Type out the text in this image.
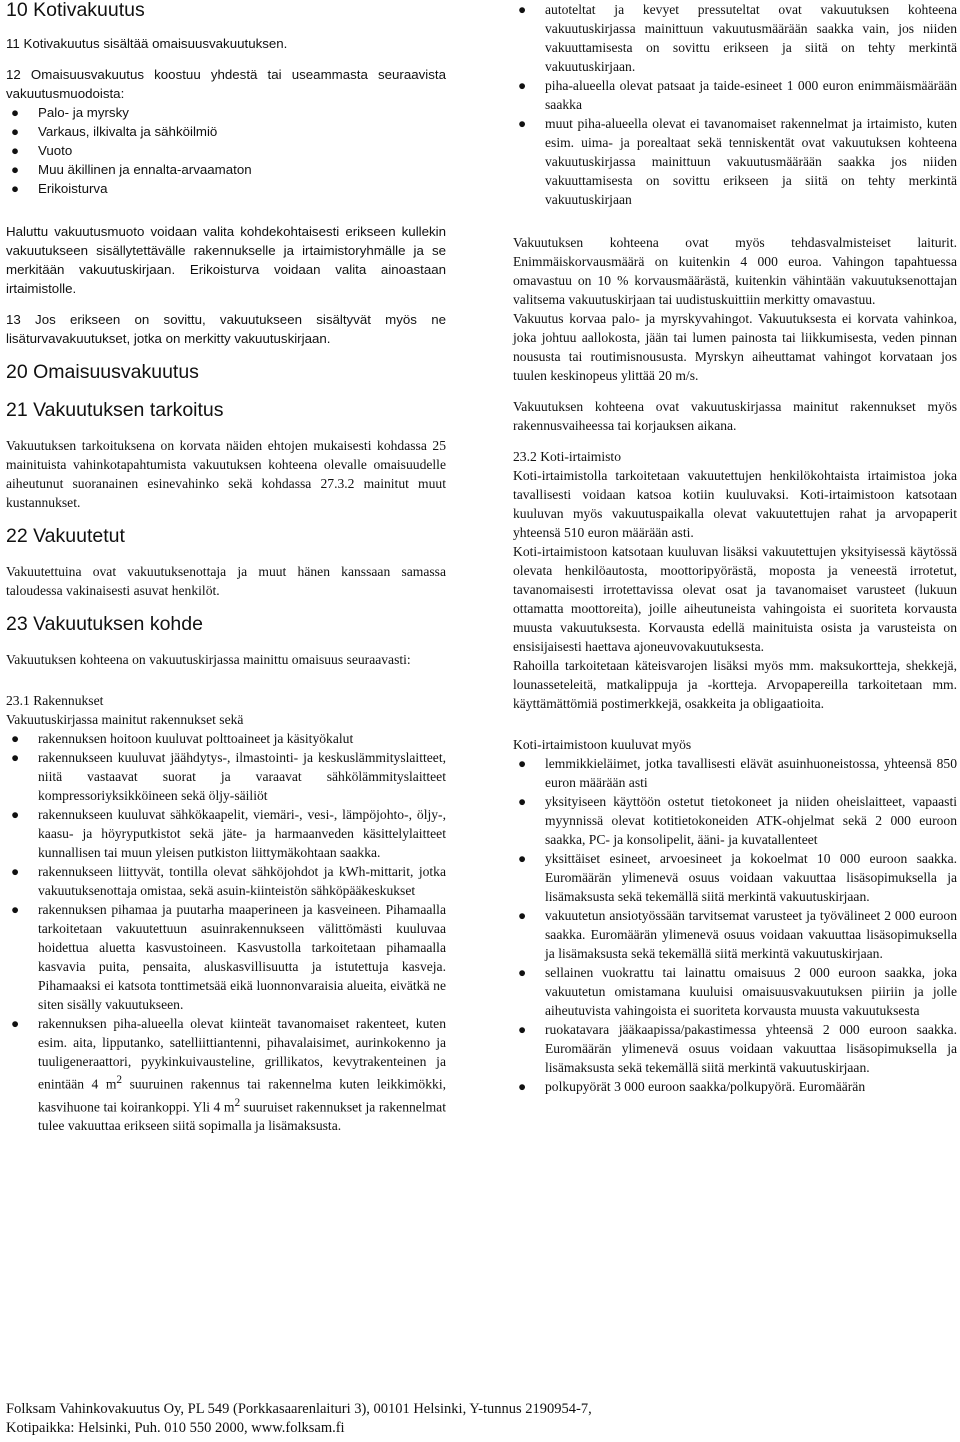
10 Kotivakuutus

11 Kotivakuutus sisältää omaisuusvakuutuksen.

12 Omaisuusvakuutus koostuu yhdestä tai useammasta seuraavista vakuutusmuodoista:

● Palo- ja myrsky
● Varkaus, ilkivalta ja sähköilmiö
● Vuoto
● Muu äkillinen ja ennalta-arvaamaton
● Erikoisturva

Haluttu vakuutusmuoto voidaan valita kohdekohtaisesti erikseen kullekin vakuutukseen sisällytettävälle rakennukselle ja irtaimistoryhmälle ja se merkitään vakuutuskirjaan. Erikoisturva voidaan valita ainoastaan irtaimistolle.

13 Jos erikseen on sovittu, vakuutukseen sisältyvät myös ne lisäturvavakuutukset, jotka on merkitty vakuutuskirjaan.

20 Omaisuusvakuutus
21 Vakuutuksen tarkoitus

Vakuutuksen tarkoituksena on korvata näiden ehtojen mukaisesti kohdassa 25 mainituista vahinkotapahtumista vakuutuksen kohteena olevalle omaisuudelle aiheutunut suoranainen esinevahinko sekä kohdassa 27.3.2 mainitut muut kustannukset.

22 Vakuutetut

Vakuutettuina ovat vakuutuksenottaja ja muut hänen kanssaan samassa taloudessa vakinaisesti asuvat henkilöt.

23 Vakuutuksen kohde

Vakuutuksen kohteena on vakuutuskirjassa mainittu omaisuus seuraavasti:

23.1 Rakennukset

Vakuutuskirjassa mainitut rakennukset sekä

● rakennuksen hoitoon kuuluvat polttoaineet ja käsityökalut
● rakennukseen kuuluvat jäähdytys-, ilmastointi- ja keskuslämmityslaitteet, niitä vastaavat suorat ja varaavat sähkölämmityslaitteet kompressoriyksikköineen sekä öljy-säiliöt
● rakennukseen kuuluvat sähkökaapelit, viemäri-, vesi-, lämpöjohto-, öljy-, kaasu- ja höyryputkistot sekä jäte- ja harmaanveden käsittelylaitteet kunnallisen tai muun yleisen putkiston liittymäkohtaan saakka.
● rakennukseen liittyvät, tontilla olevat sähköjohdot ja kWh-mittarit, jotka vakuutuksenottaja omistaa, sekä asuin-kiinteistön sähköpääkeskukset
● rakennuksen pihamaa ja puutarha maaperineen ja kasveineen. Pihamaalla tarkoitetaan vakuutettuun asuinrakennukseen välittömästi kuuluvaa hoidettua aluetta kasvustoineen. Kasvustolla tarkoitetaan pihamaalla kasvavia puita, pensaita, aluskasvillisuutta ja istutettuja kasveja. Pihamaaksi ei katsota tonttimetsää eikä luonnonvaraisia alueita, eivätkä ne siten sisälly vakuutukseen.
● rakennuksen piha-alueella olevat kiinteät tavanomaiset rakenteet, kuten esim. aita, lipputanko, satelliittiantenni, pihavalaisimet, aurinkokenno ja tuuligeneraattori, pyykinkuivausteline, grillikatos, kevytrakenteinen ja enintään 4 $m^2$ suuruinen rakennus tai rakennelma kuten leikkimökki, kasvihuone tai koirankoppi. Yli 4 $m^2$ suuruiset rakennukset ja rakennelmat tulee vakuuttaa erikseen siitä sopimalla ja lisämaksusta.
● autoteltat ja kevyet pressuteltat ovat vakuutuksen kohteena vakuutuskirjassa mainittuun vakuutusmäärään saakka vain, jos niiden vakuuttamisesta on sovittu erikseen ja siitä on tehty merkintä vakuutuskirjaan.
● piha-alueella olevat patsaat ja taide-esineet 1 000 euron enimmäismäärään saakka
● muut piha-alueella olevat ei tavanomaiset rakennelmat ja irtaimisto, kuten esim. uima- ja porealtaat sekä tenniskentät ovat vakuutuksen kohteena vakuutuskirjassa mainittuun vakuutusmäärään saakka jos niiden vakuuttamisesta on sovittu erikseen ja siitä on tehty merkintä vakuutuskirjaan

Vakuutuksen kohteena ovat myös tehdasvalmisteiset laiturit. Enimmäiskorvausmäärä on kuitenkin 4 000 euroa. Vahingon tapahtuessa omavastuu on 10 % korvausmäärästä, kuitenkin vähintään vakuutuksenottajan valitsema vakuutuskirjaan tai uudistuskuittiin merkitty omavastuu.

Vakuutus korvaa palo- ja myrskyvahingot. Vakuutuksesta ei korvata vahinkoa, joka johtuu aallokosta, jään tai lumen painosta tai liikkumisesta, veden pinnan noususta tai routimisnoususta. Myrskyn aiheuttamat vahingot korvataan jos tuulen keskinopeus ylittää 20 m/s.

Vakuutuksen kohteena ovat vakuutuskirjassa mainitut rakennukset myös rakennusvaiheessa tai korjauksen aikana.

23.2 Koti-irtaimisto

Koti-irtaimistolla tarkoitetaan vakuutettujen henkilökohtaista irtaimistoa joka tavallisesti voidaan katsoa kotiin kuuluvaksi. Koti-irtaimistoon katsotaan kuuluvan myös vakuutuspaikalla olevat vakuutettujen rahat ja arvopaperit yhteensä 510 euron määrään asti.

Koti-irtaimistoon katsotaan kuuluvan lisäksi vakuutettujen yksityisessä käytössä olevata henkilöautosta, moottoripyörästä, moposta ja veneestä irrotetut, tavanomaisesti irrotettavissa olevat osat ja tavanomaiset varusteet (lukuun ottamatta moottoreita), joille aiheutuneista vahingoista ei suoriteta korvausta muusta vakuutuksesta. Korvausta edellä mainituista osista ja varusteista on ensisijaisesti haettava ajoneuvovakuutuksesta.

Rahoilla tarkoitetaan käteisvarojen lisäksi myös mm. maksukortteja, shekkejä, lounasseteleitä, matkalippuja ja -kortteja. Arvopapereilla tarkoitetaan mm. käyttämättömiä postimerkkejä, osakkeita ja obligaatioita.

Koti-irtaimistoon kuuluvat myös

● lemmikkieläimet, jotka tavallisesti elävät asuinhuoneistossa, yhteensä 850 euron määrään asti
● yksityiseen käyttöön ostetut tietokoneet ja niiden oheislaitteet, vapaasti myynnissä olevat kotitietokoneiden ATK-ohjelmat sekä 2 000 euroon saakka, PC- ja konsolipelit, ääni- ja kuvatallenteet
● yksittäiset esineet, arvoesineet ja kokoelmat 10 000 euroon saakka. Euromäärän ylimenevä osuus voidaan vakuuttaa lisäsopimuksella ja lisämaksusta sekä tekemällä siitä merkintä vakuutuskirjaan.
● vakuutetun ansiotyössään tarvitsemat varusteet ja työvälineet 2 000 euroon saakka. Euromäärän ylimenevä osuus voidaan vakuuttaa lisäsopimuksella ja lisämaksusta sekä tekemällä siitä merkintä vakuutuskirjaan.
● sellainen vuokrattu tai lainattu omaisuus 2 000 euroon saakka, joka vakuutetun omistamana kuuluisi omaisuusvakuutuksen piiriin ja jolle aiheutuvista vahingoista ei suoriteta korvausta muusta vakuutuksesta
● ruokatavara jääkaapissa/pakastimessa yhteensä 2 000 euroon saakka. Euromäärän ylimenevä osuus voidaan vakuuttaa lisäsopimuksella ja lisämaksusta sekä tekemällä siitä merkintä vakuutuskirjaan.
● polkupyörät 3 000 euroon saakka/polkupyörä. Euromäärän
Folksam Vahinkovakuutus Oy, PL 549 (Porkkasaarenlaituri 3), 00101 Helsinki, Y-tunnus 2190954-7,
Kotipaikka: Helsinki, Puh. 010 550 2000, www.folksam.fi
